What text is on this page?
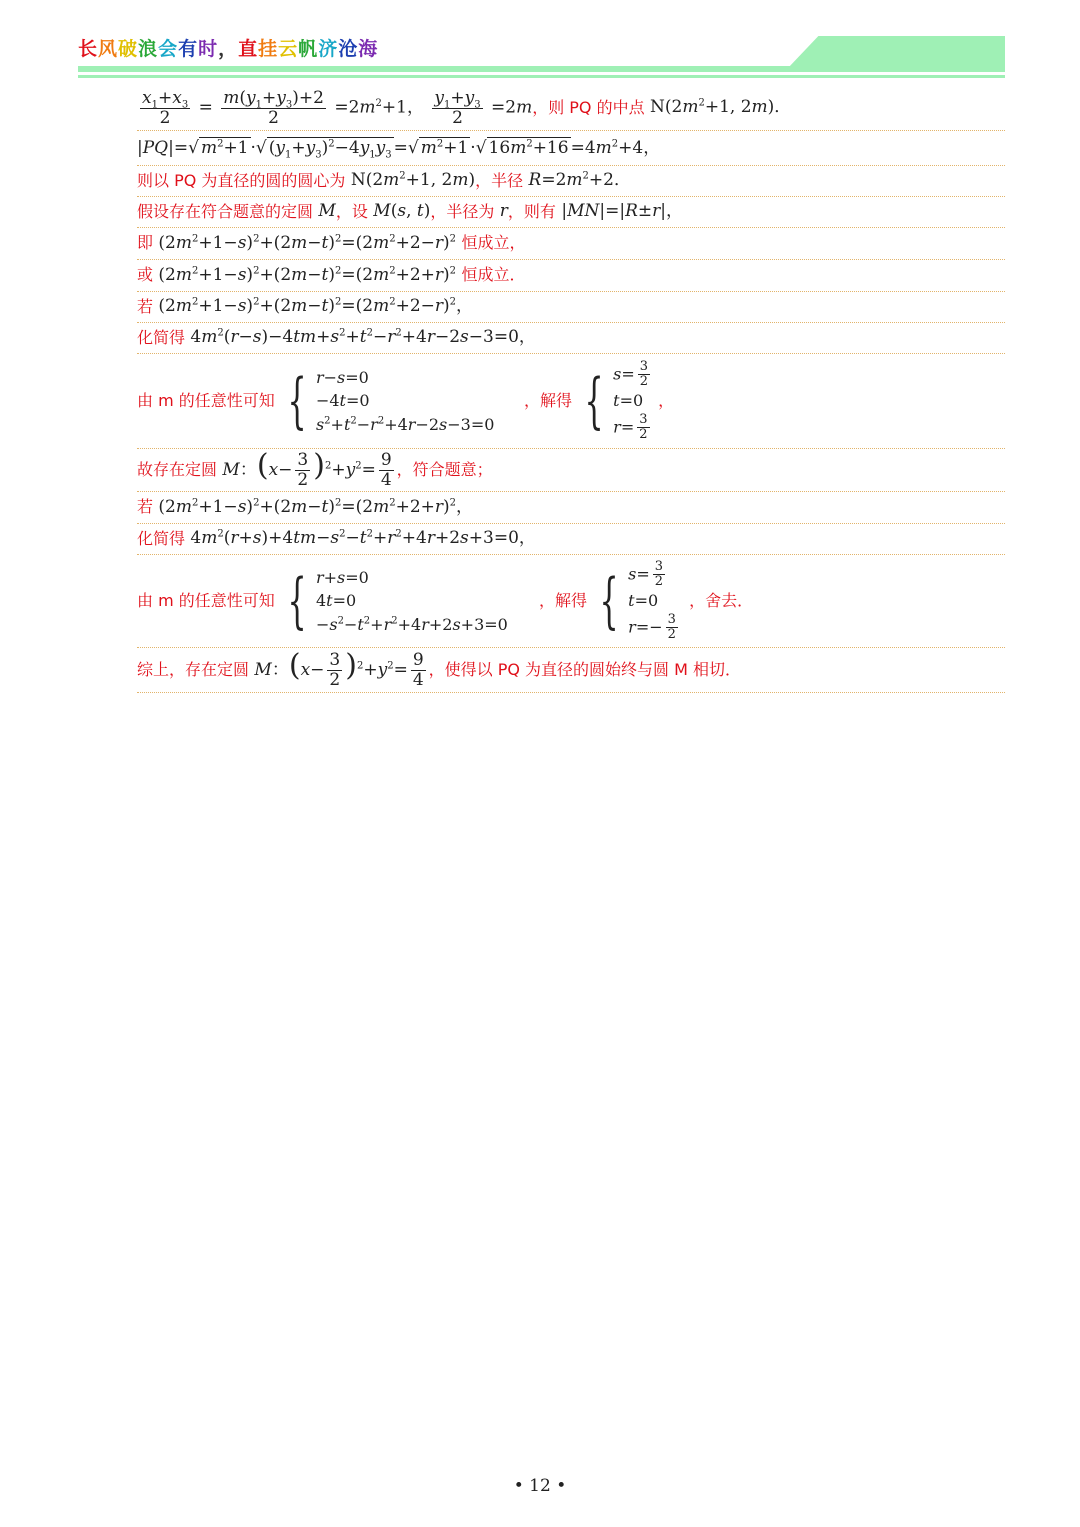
长风破浪会有时，直挂云帆济沧海
$\frac{x_1+x_3}{2} = \frac{m(y_1+y_3)+2}{2} =2m^2+1$， $\frac{y_1+y_3}{2} =2m$ ，则 PQ 的中点 $N(2m^2+1$, 2m)．
|PQ|=√ $m^2+1$ ·√ $(y_1+y_3)^2-4y_1y_3$ =√ $m^2+1$ ·√ $16m^2+16 =4m^2+4$，
则以 PQ 为直径的圆的圆心为 $N(2m^2+1$, 2m) ，半径 $R=2m^2+2$．
假设存在符合题意的定圆 M ，设 M(s, t) ，半径为 r ，则有 |MN|=|R±r|，
即 $(2m^2+1-s)^2+(2m-t)^2=(2m^2+2-r)^2$ 恒成立，
或 $(2m^2+1-s)^2+(2m-t)^2=(2m^2+2+r)^2$ 恒成立．
若 $(2m^2+1-s)^2+(2m-t)^2=(2m^2+2-r)^2$，
化简得 $4m^2(r-s)-4tm+s^2+t^2-r^2+4r-2s-3=0$，
由 m 的任意性可知 { r−s=0
−4t=0
$s^2+t^2-r^2+4r-2s-3=0$
，解得 { $s= \frac{3}{2}$
t=0
$r= \frac{3}{2}$
，
故存在定圆 M：$(x- \frac{3}{2} )^2+y^2= \frac{9}{4}$ ，符合题意；
若 $(2m^2+1-s)^2+(2m-t)^2=(2m^2+2+r)^2$，
化简得 $4m^2(r+s)+4tm-s^2-t^2+r^2+4r+2s+3=0$，
由 m 的任意性可知 { r+s=0
4t=0
$-s^2-t^2+r^2+4r+2s+3=0$
，解得 { $s= \frac{3}{2}$
t=0
$r=- \frac{3}{2}$
，舍去．
综上，存在定圆 M：$(x- \frac{3}{2} )^2+y^2= \frac{9}{4}$ ，使得以 PQ 为直径的圆始终与圆 M 相切．
• 12 •
